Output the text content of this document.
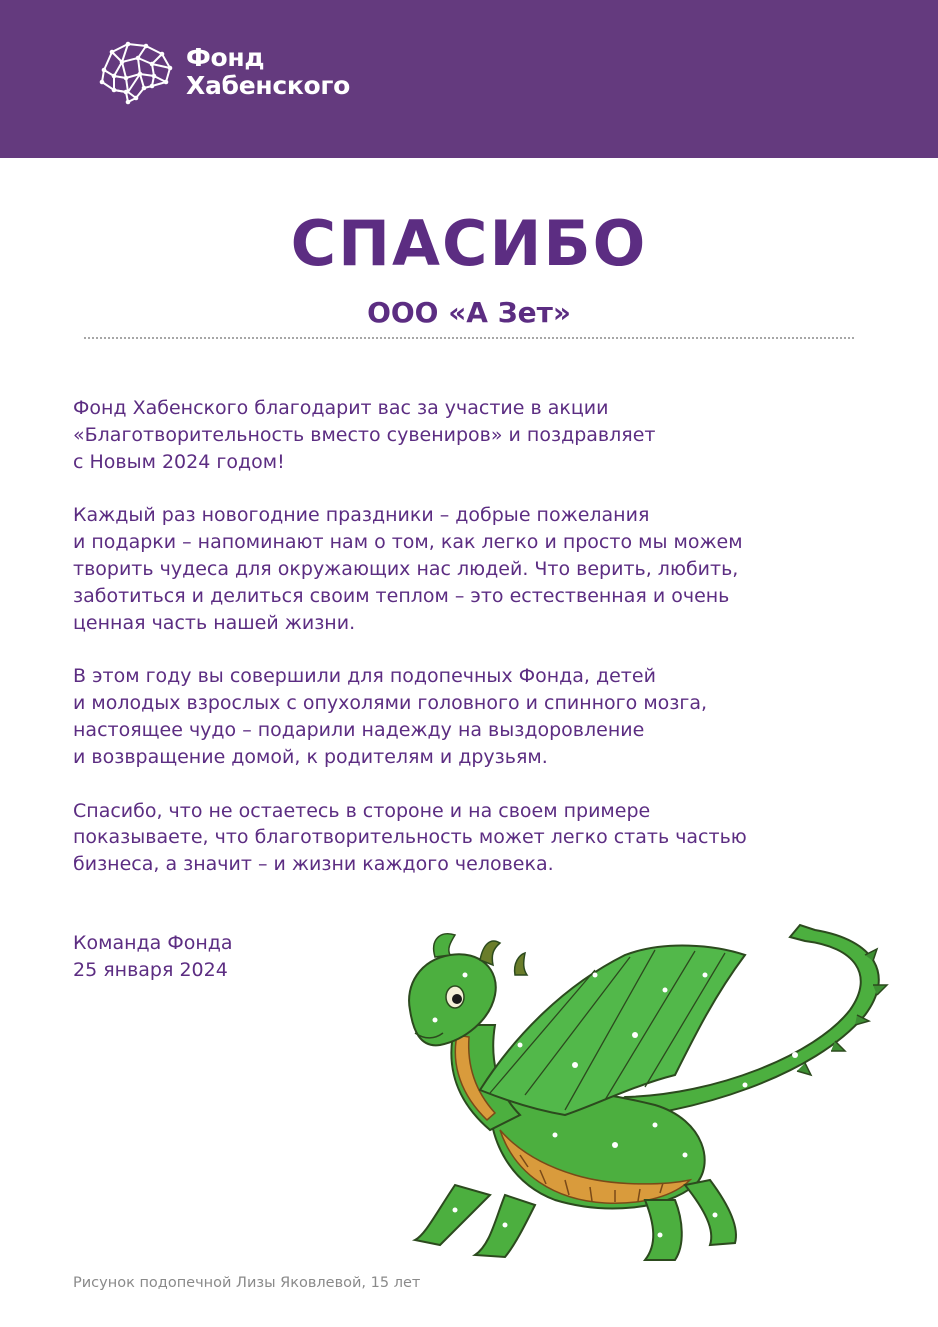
Фонд
Хабенского
СПАСИБО
ООО «А Зет»

Фонд Хабенского благодарит вас за участие в акции
«Благотворительность вместо сувениров» и поздравляет
с Новым 2024 годом!

Каждый раз новогодние праздники – добрые пожелания
и подарки – напоминают нам о том, как легко и просто мы можем
творить чудеса для окружающих нас людей. Что верить, любить,
заботиться и делиться своим теплом – это естественная и очень
ценная часть нашей жизни.

В этом году вы совершили для подопечных Фонда, детей
и молодых взрослых с опухолями головного и спинного мозга,
настоящее чудо – подарили надежду на выздоровление
и возвращение домой, к родителям и друзьям.

Спасибо, что не остаетесь в стороне и на своем примере
показываете, что благотворительность может легко стать частью
бизнеса, а значит – и жизни каждого человека.

Команда Фонда
25 января 2024
Рисунок подопечной Лизы Яковлевой, 15 лет
